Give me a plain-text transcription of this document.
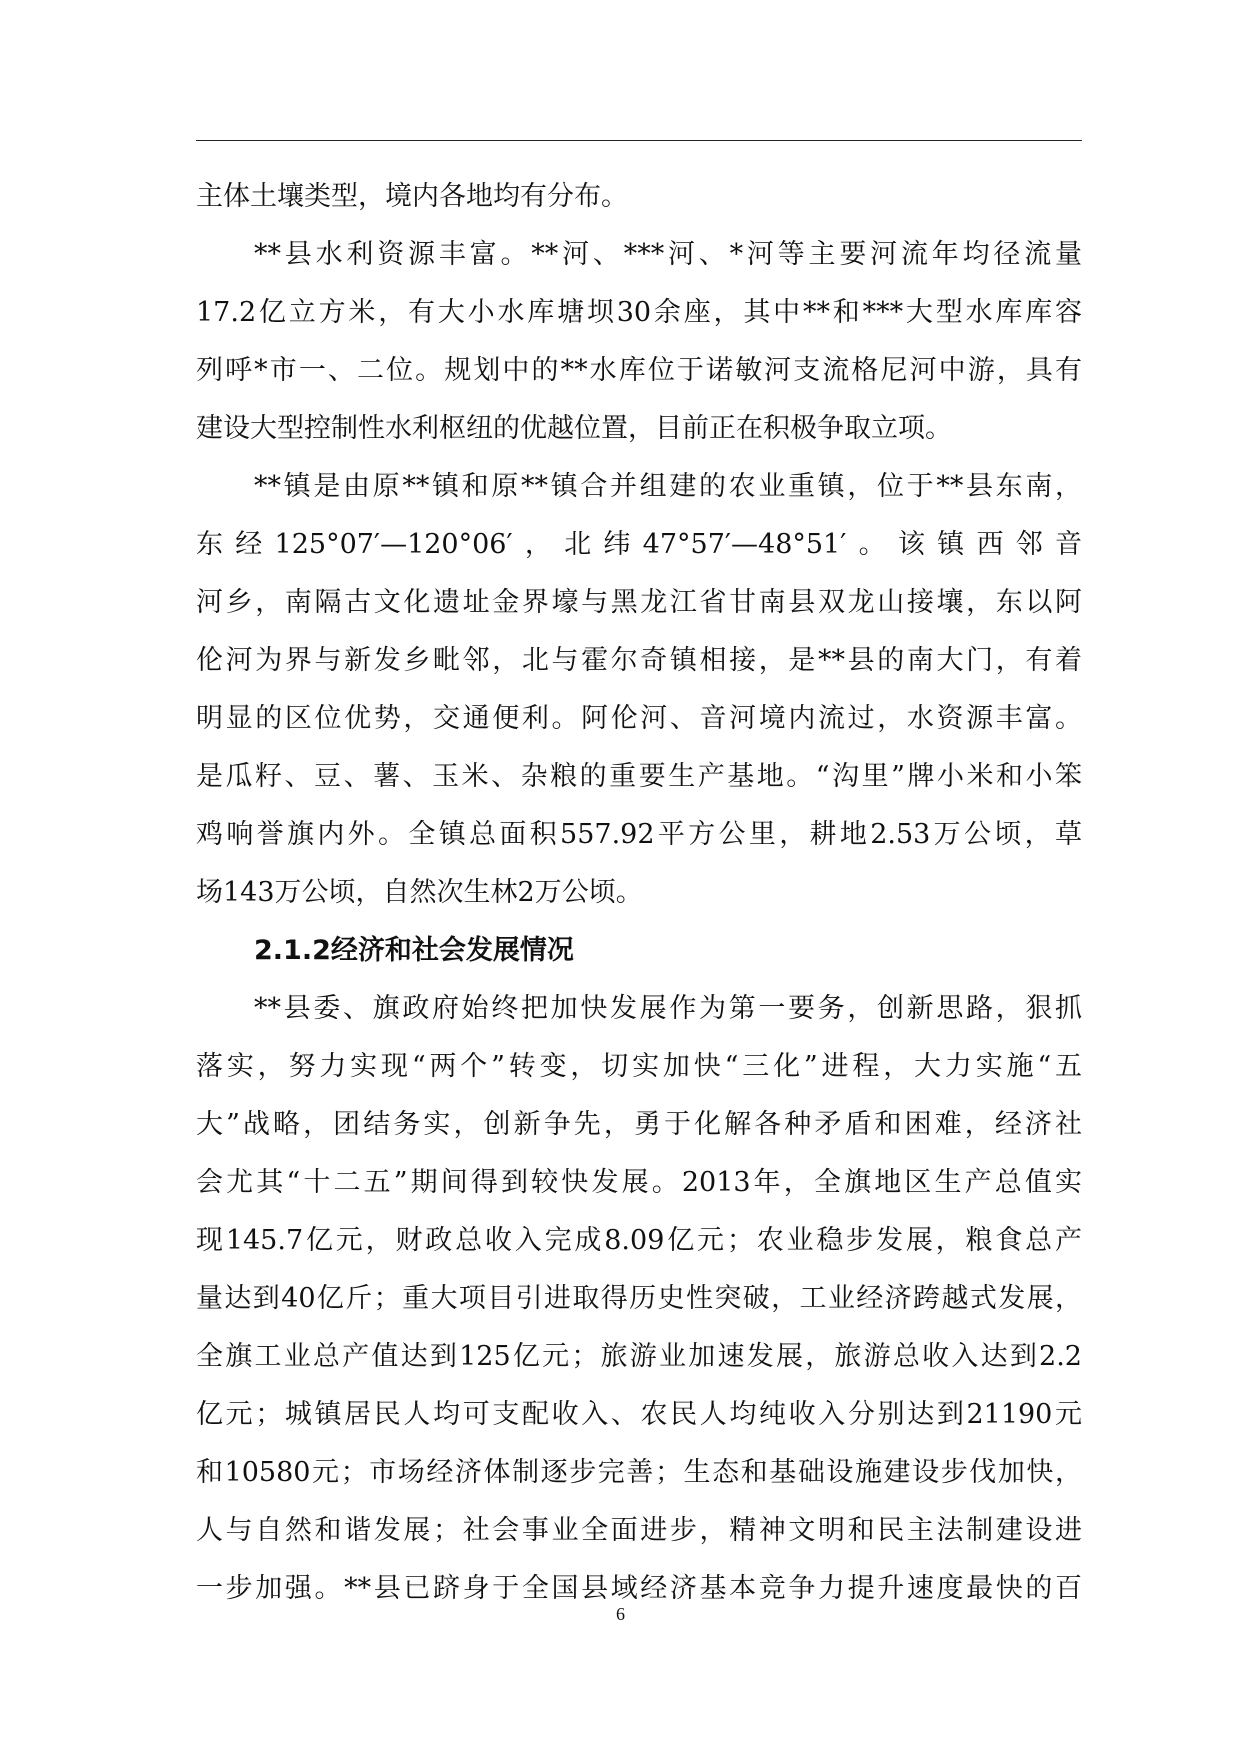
主体土壤类型，境内各地均有分布。
**县水利资源丰富。**河、***河、*河等主要河流年均径流量
17.2亿立方米，有大小水库塘坝30余座，其中**和***大型水库库容
列呼*市一、二位。规划中的**水库位于诺敏河支流格尼河中游，具有
建设大型控制性水利枢纽的优越位置，目前正在积极争取立项。
**镇是由原**镇和原**镇合并组建的农业重镇，位于**县东南，
东经125°07′—120°06′，北纬47°57′—48°51′。该镇西邻音
河乡，南隔古文化遗址金界壕与黑龙江省甘南县双龙山接壤，东以阿
伦河为界与新发乡毗邻，北与霍尔奇镇相接，是**县的南大门，有着
明显的区位优势，交通便利。阿伦河、音河境内流过，水资源丰富。
是瓜籽、豆、薯、玉米、杂粮的重要生产基地。“沟里”牌小米和小笨
鸡响誉旗内外。全镇总面积557.92平方公里，耕地2.53万公顷，草
场143万公顷，自然次生林2万公顷。
2.1.2经济和社会发展情况
**县委、旗政府始终把加快发展作为第一要务，创新思路，狠抓
落实，努力实现“两个”转变，切实加快“三化”进程，大力实施“五
大”战略，团结务实，创新争先，勇于化解各种矛盾和困难，经济社
会尤其“十二五”期间得到较快发展。2013年，全旗地区生产总值实
现145.7亿元，财政总收入完成8.09亿元；农业稳步发展，粮食总产
量达到40亿斤；重大项目引进取得历史性突破，工业经济跨越式发展，
全旗工业总产值达到125亿元；旅游业加速发展，旅游总收入达到2.2
亿元；城镇居民人均可支配收入、农民人均纯收入分别达到21190元
和10580元；市场经济体制逐步完善；生态和基础设施建设步伐加快，
人与自然和谐发展；社会事业全面进步，精神文明和民主法制建设进
一步加强。**县已跻身于全国县域经济基本竞争力提升速度最快的百
6
